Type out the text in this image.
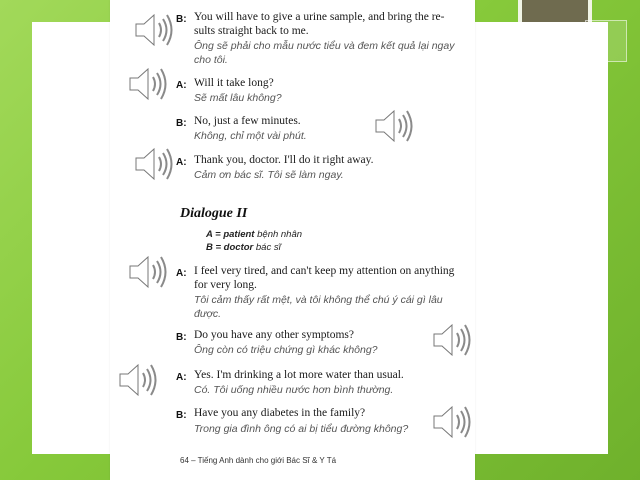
B: You will have to give a urine sample, and bring the re-
sults straight back to me.
Ông sẽ phải cho mẫu nước tiểu và đem kết quả lại ngay
cho tôi.
A: Will it take long?
Sẽ mất lâu không?
B: No, just a few minutes.
Không, chỉ một vài phút.
A: Thank you, doctor. I'll do it right away.
Cảm ơn bác sĩ. Tôi sẽ làm ngay.
Dialogue II
A = patient bệnh nhân
B = doctor bác sĩ
A: I feel very tired, and can't keep my attention on anything
for very long.
Tôi cảm thấy rất mệt, và tôi không thể chú ý cái gì lâu
được.
B: Do you have any other symptoms?
Ông còn có triệu chứng gì khác không?
A: Yes. I'm drinking a lot more water than usual.
Có. Tôi uống nhiều nước hơn bình thường.
B: Have you any diabetes in the family?
Trong gia đình ông có ai bị tiểu đường không?
64 – Tiếng Anh dành cho giới Bác Sĩ & Y Tá
